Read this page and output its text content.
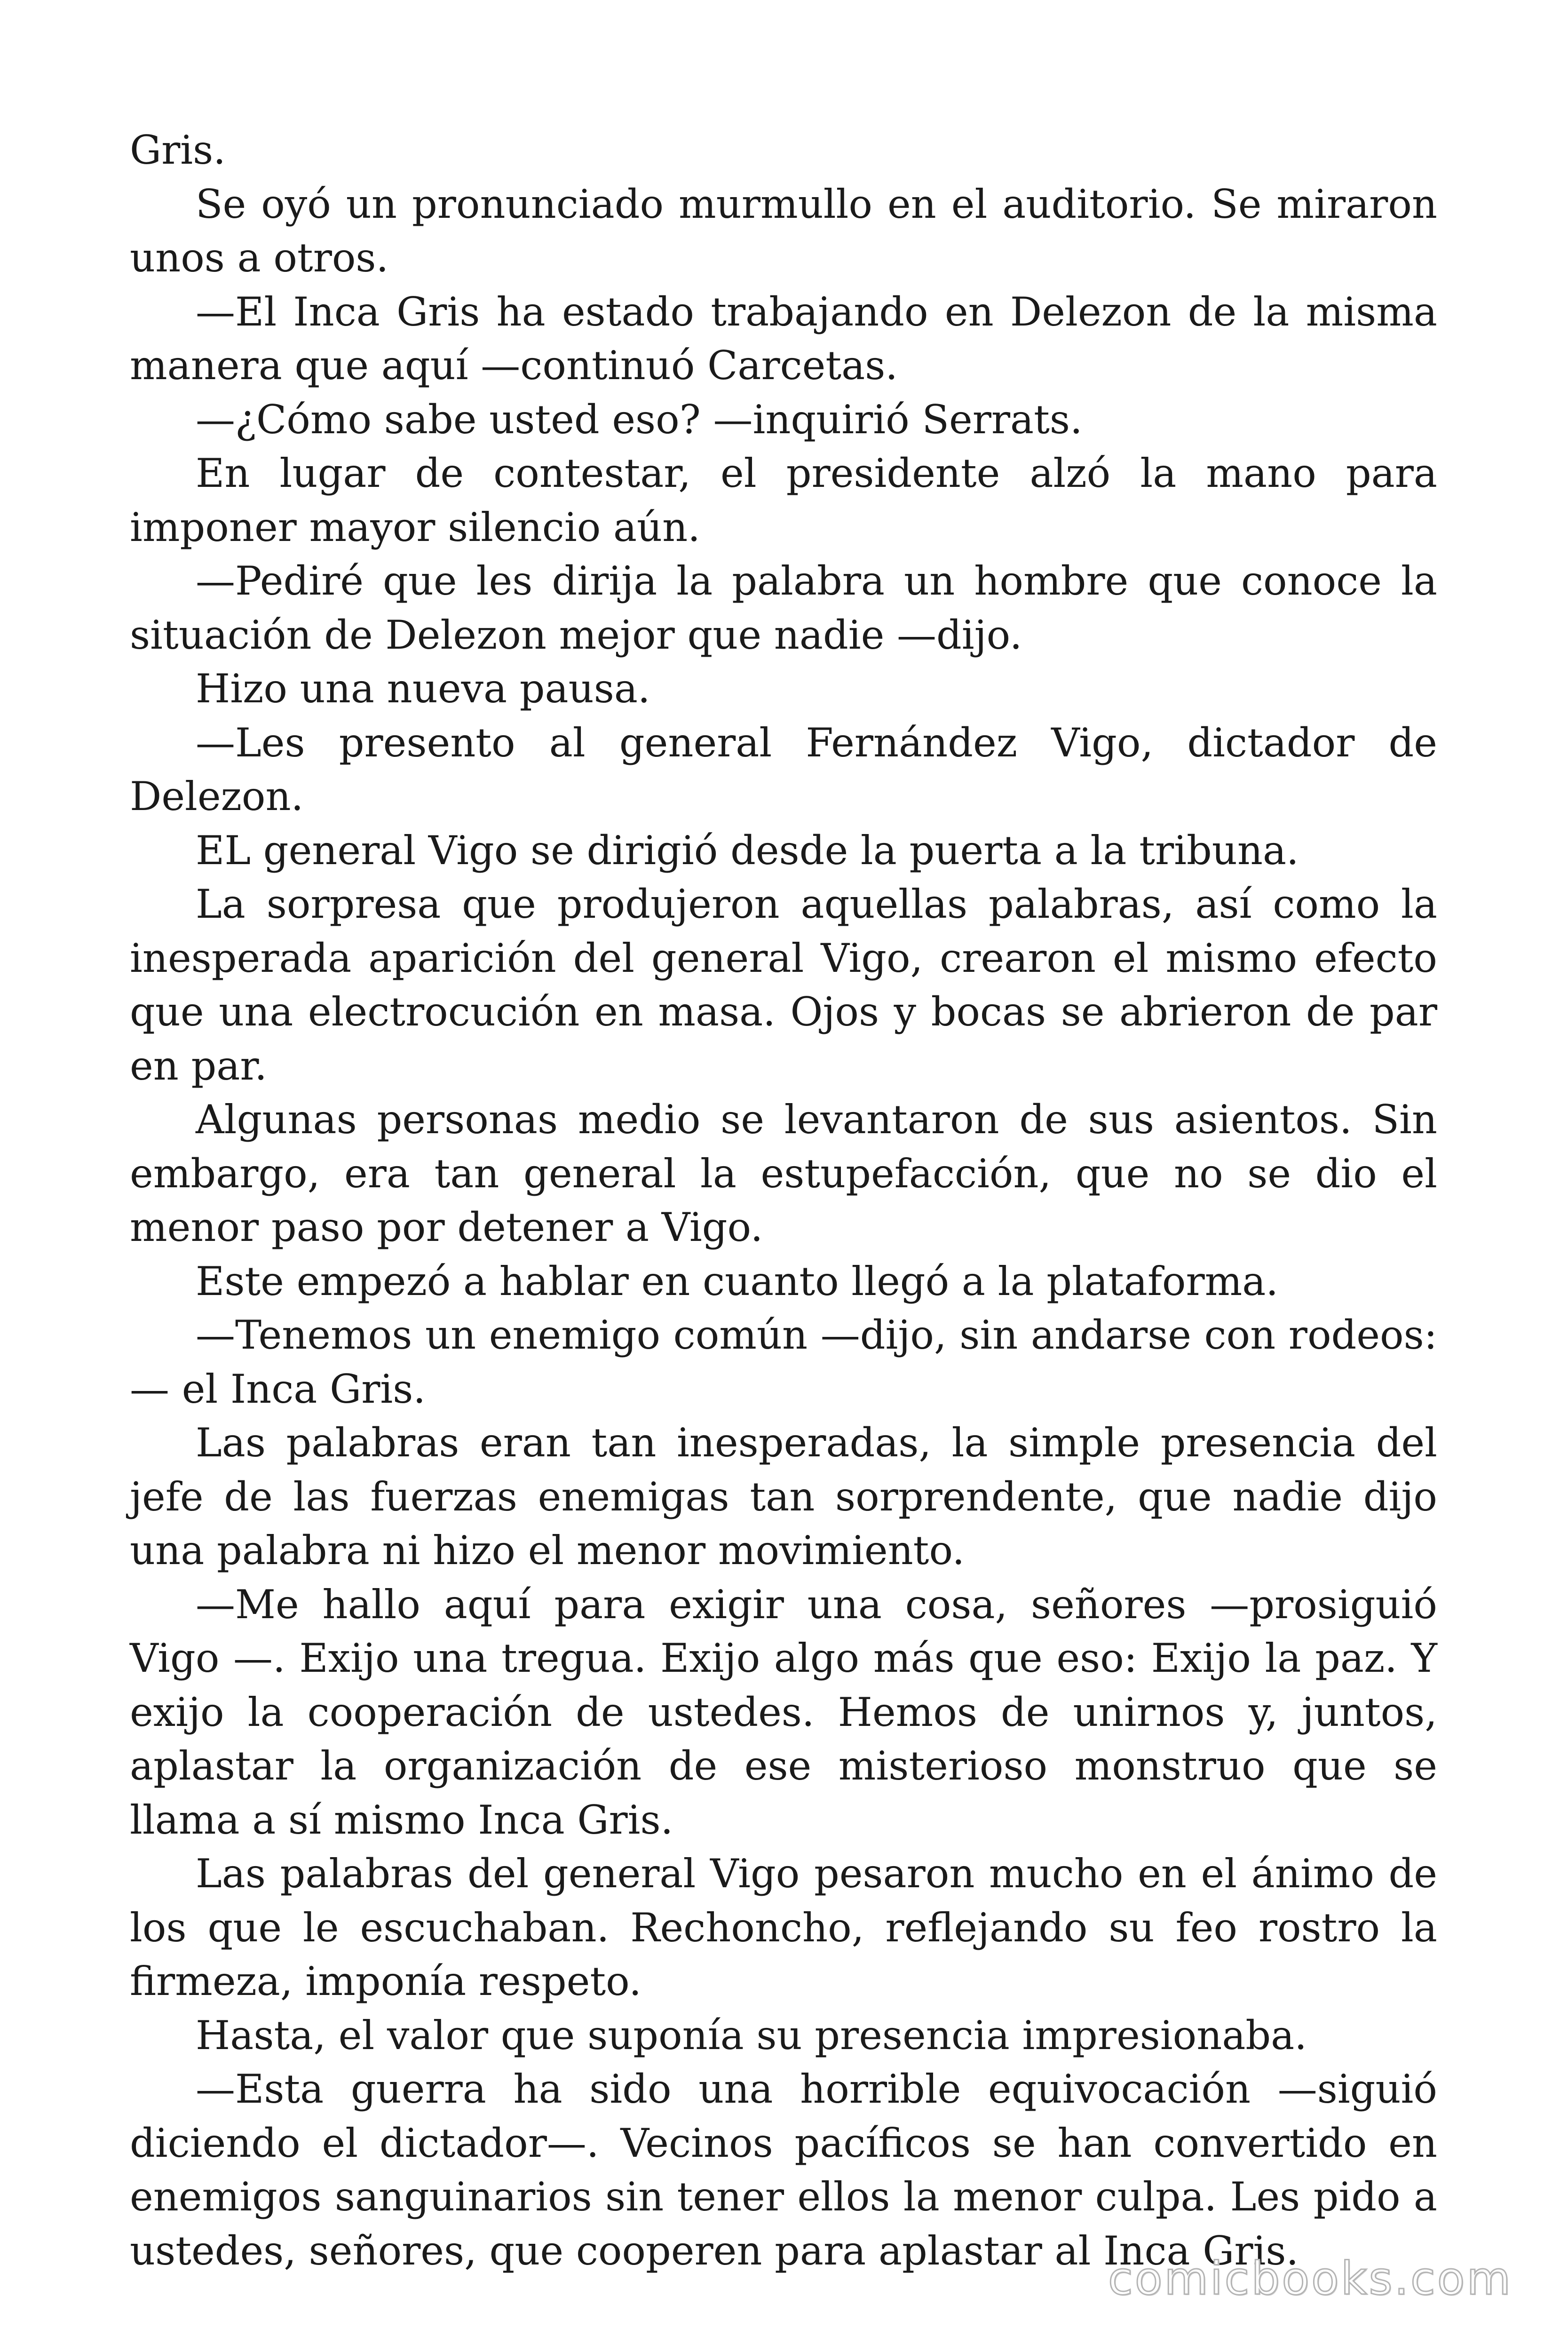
Gris.

Se oyó un pronunciado murmullo en el auditorio. Se miraron unos a otros.

—El Inca Gris ha estado trabajando en Delezon de la misma manera que aquí —continuó Carcetas.

—¿Cómo sabe usted eso? —inquirió Serrats.

En lugar de contestar, el presidente alzó la mano para imponer mayor silencio aún.

—Pediré que les dirija la palabra un hombre que conoce la situación de Delezon mejor que nadie —dijo.

Hizo una nueva pausa.

—Les presento al general Fernández Vigo, dictador de Delezon.

EL general Vigo se dirigió desde la puerta a la tribuna.

La sorpresa que produjeron aquellas palabras, así como la inesperada aparición del general Vigo, crearon el mismo efecto que una electrocución en masa. Ojos y bocas se abrieron de par en par.

Algunas personas medio se levantaron de sus asientos. Sin embargo, era tan general la estupefacción, que no se dio el menor paso por detener a Vigo.

Este empezó a hablar en cuanto llegó a la plataforma.

—Tenemos un enemigo común —dijo, sin andarse con rodeos:— el Inca Gris.

Las palabras eran tan inesperadas, la simple presencia del jefe de las fuerzas enemigas tan sorprendente, que nadie dijo una palabra ni hizo el menor movimiento.

—Me hallo aquí para exigir una cosa, señores —prosiguió Vigo —. Exijo una tregua. Exijo algo más que eso: Exijo la paz. Y exijo la cooperación de ustedes. Hemos de unirnos y, juntos, aplastar la organización de ese misterioso monstruo que se llama a sí mismo Inca Gris.

Las palabras del general Vigo pesaron mucho en el ánimo de los que le escuchaban. Rechoncho, reflejando su feo rostro la firmeza, imponía respeto.

Hasta, el valor que suponía su presencia impresionaba.

—Esta guerra ha sido una horrible equivocación —siguió diciendo el dictador—. Vecinos pacíficos se han convertido en enemigos sanguinarios sin tener ellos la menor culpa. Les pido a ustedes, señores, que cooperen para aplastar al Inca Gris.

comicbooks.com
